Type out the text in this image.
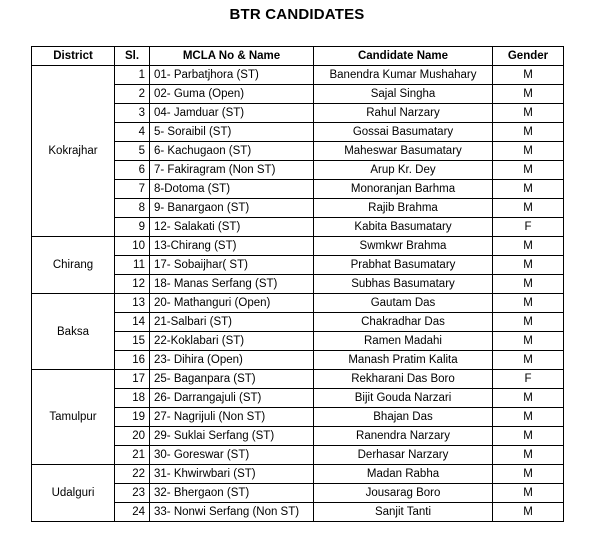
BTR CANDIDATES
District	Sl.	MCLA No & Name	Candidate Name	Gender
Kokrajhar	1	01- Parbatjhora (ST)	Banendra Kumar Mushahary	M
	2	02- Guma (Open)	Sajal Singha	M
	3	04- Jamduar (ST)	Rahul Narzary	M
	4	5- Soraibil (ST)	Gossai Basumatary	M
	5	6- Kachugaon (ST)	Maheswar Basumatary	M
	6	7- Fakiragram (Non ST)	Arup Kr. Dey	M
	7	8-Dotoma (ST)	Monoranjan Barhma	M
	8	9- Banargaon (ST)	Rajib Brahma	M
	9	12- Salakati (ST)	Kabita Basumatary	F
Chirang	10	13-Chirang (ST)	Swmkwr Brahma	M
	11	17- Sobaijhar( ST)	Prabhat Basumatary	M
	12	18- Manas Serfang (ST)	Subhas Basumatary	M
Baksa	13	20- Mathanguri (Open)	Gautam Das	M
	14	21-Salbari (ST)	Chakradhar Das	M
	15	22-Koklabari (ST)	Ramen Madahi	M
	16	23- Dihira (Open)	Manash Pratim Kalita	M
Tamulpur	17	25- Baganpara (ST)	Rekharani Das Boro	F
	18	26- Darrangajuli (ST)	Bijit Gouda Narzari	M
	19	27- Nagrijuli (Non ST)	Bhajan Das	M
	20	29- Suklai Serfang (ST)	Ranendra Narzary	M
	21	30- Goreswar (ST)	Derhasar Narzary	M
Udalguri	22	31- Khwirwbari (ST)	Madan Rabha	M
	23	32- Bhergaon (ST)	Jousarag Boro	M
	24	33- Nonwi Serfang (Non ST)	Sanjit Tanti	M
